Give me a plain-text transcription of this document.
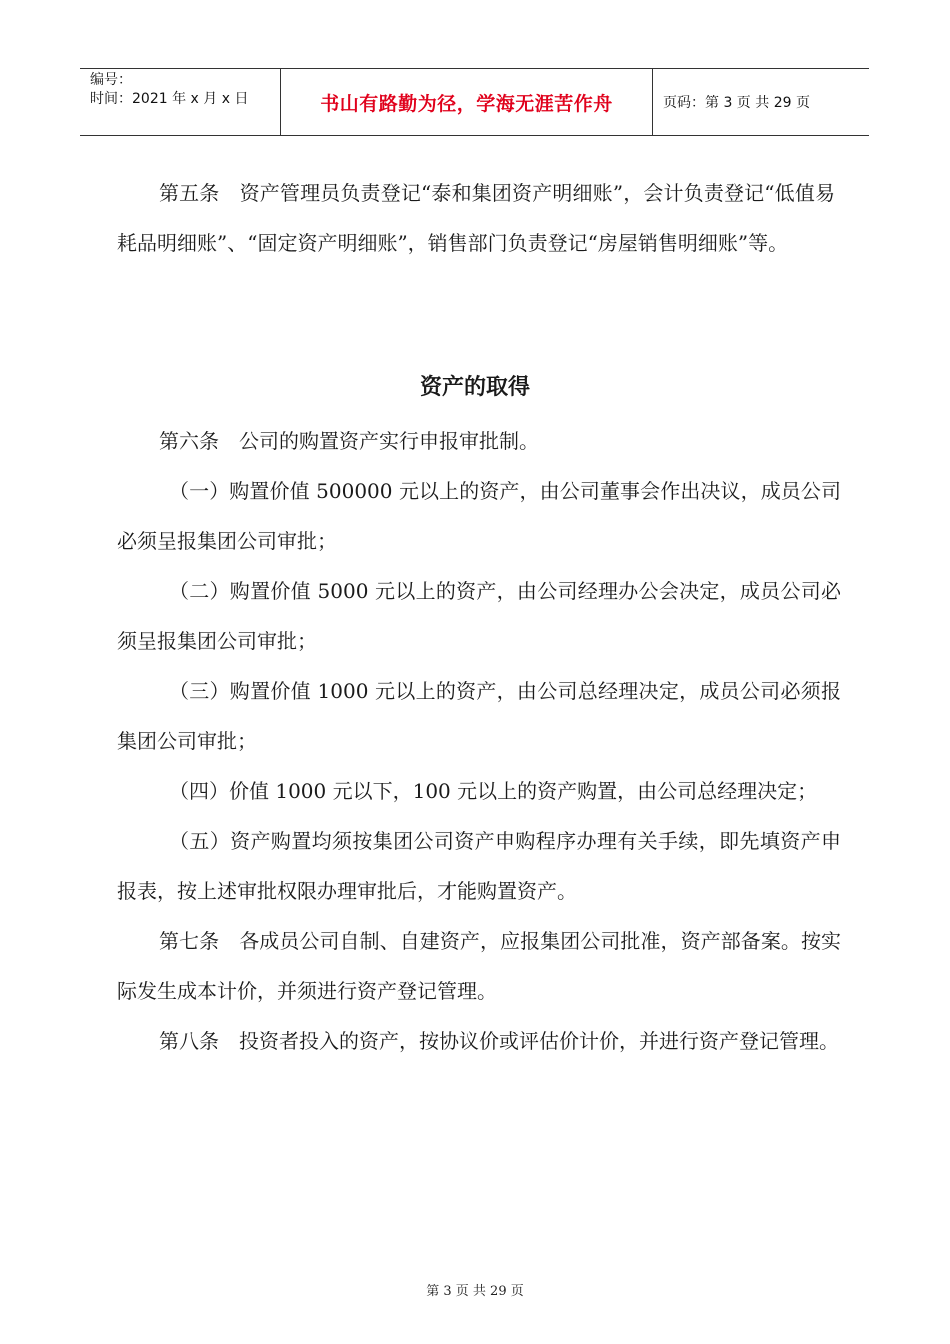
编号：
时间：2021 年 x 月 x 日	书山有路勤为径，学海无涯苦作舟	页码：第 3 页 共 29 页

第五条　资产管理员负责登记“泰和集团资产明细账”，会计负责登记“低值易耗品明细账”、“固定资产明细账”，销售部门负责登记“房屋销售明细账”等。

资产的取得

第六条　公司的购置资产实行申报审批制。

（一）购置价值 500000 元以上的资产，由公司董事会作出决议，成员公司必须呈报集团公司审批；

（二）购置价值 5000 元以上的资产，由公司经理办公会决定，成员公司必须呈报集团公司审批；

（三）购置价值 1000 元以上的资产，由公司总经理决定，成员公司必须报集团公司审批；

（四）价值 1000 元以下，100 元以上的资产购置，由公司总经理决定；

（五）资产购置均须按集团公司资产申购程序办理有关手续，即先填资产申报表，按上述审批权限办理审批后，才能购置资产。

第七条　各成员公司自制、自建资产，应报集团公司批准，资产部备案。按实际发生成本计价，并须进行资产登记管理。

第八条　投资者投入的资产，按协议价或评估价计价，并进行资产登记管理。

第 3 页 共 29 页
